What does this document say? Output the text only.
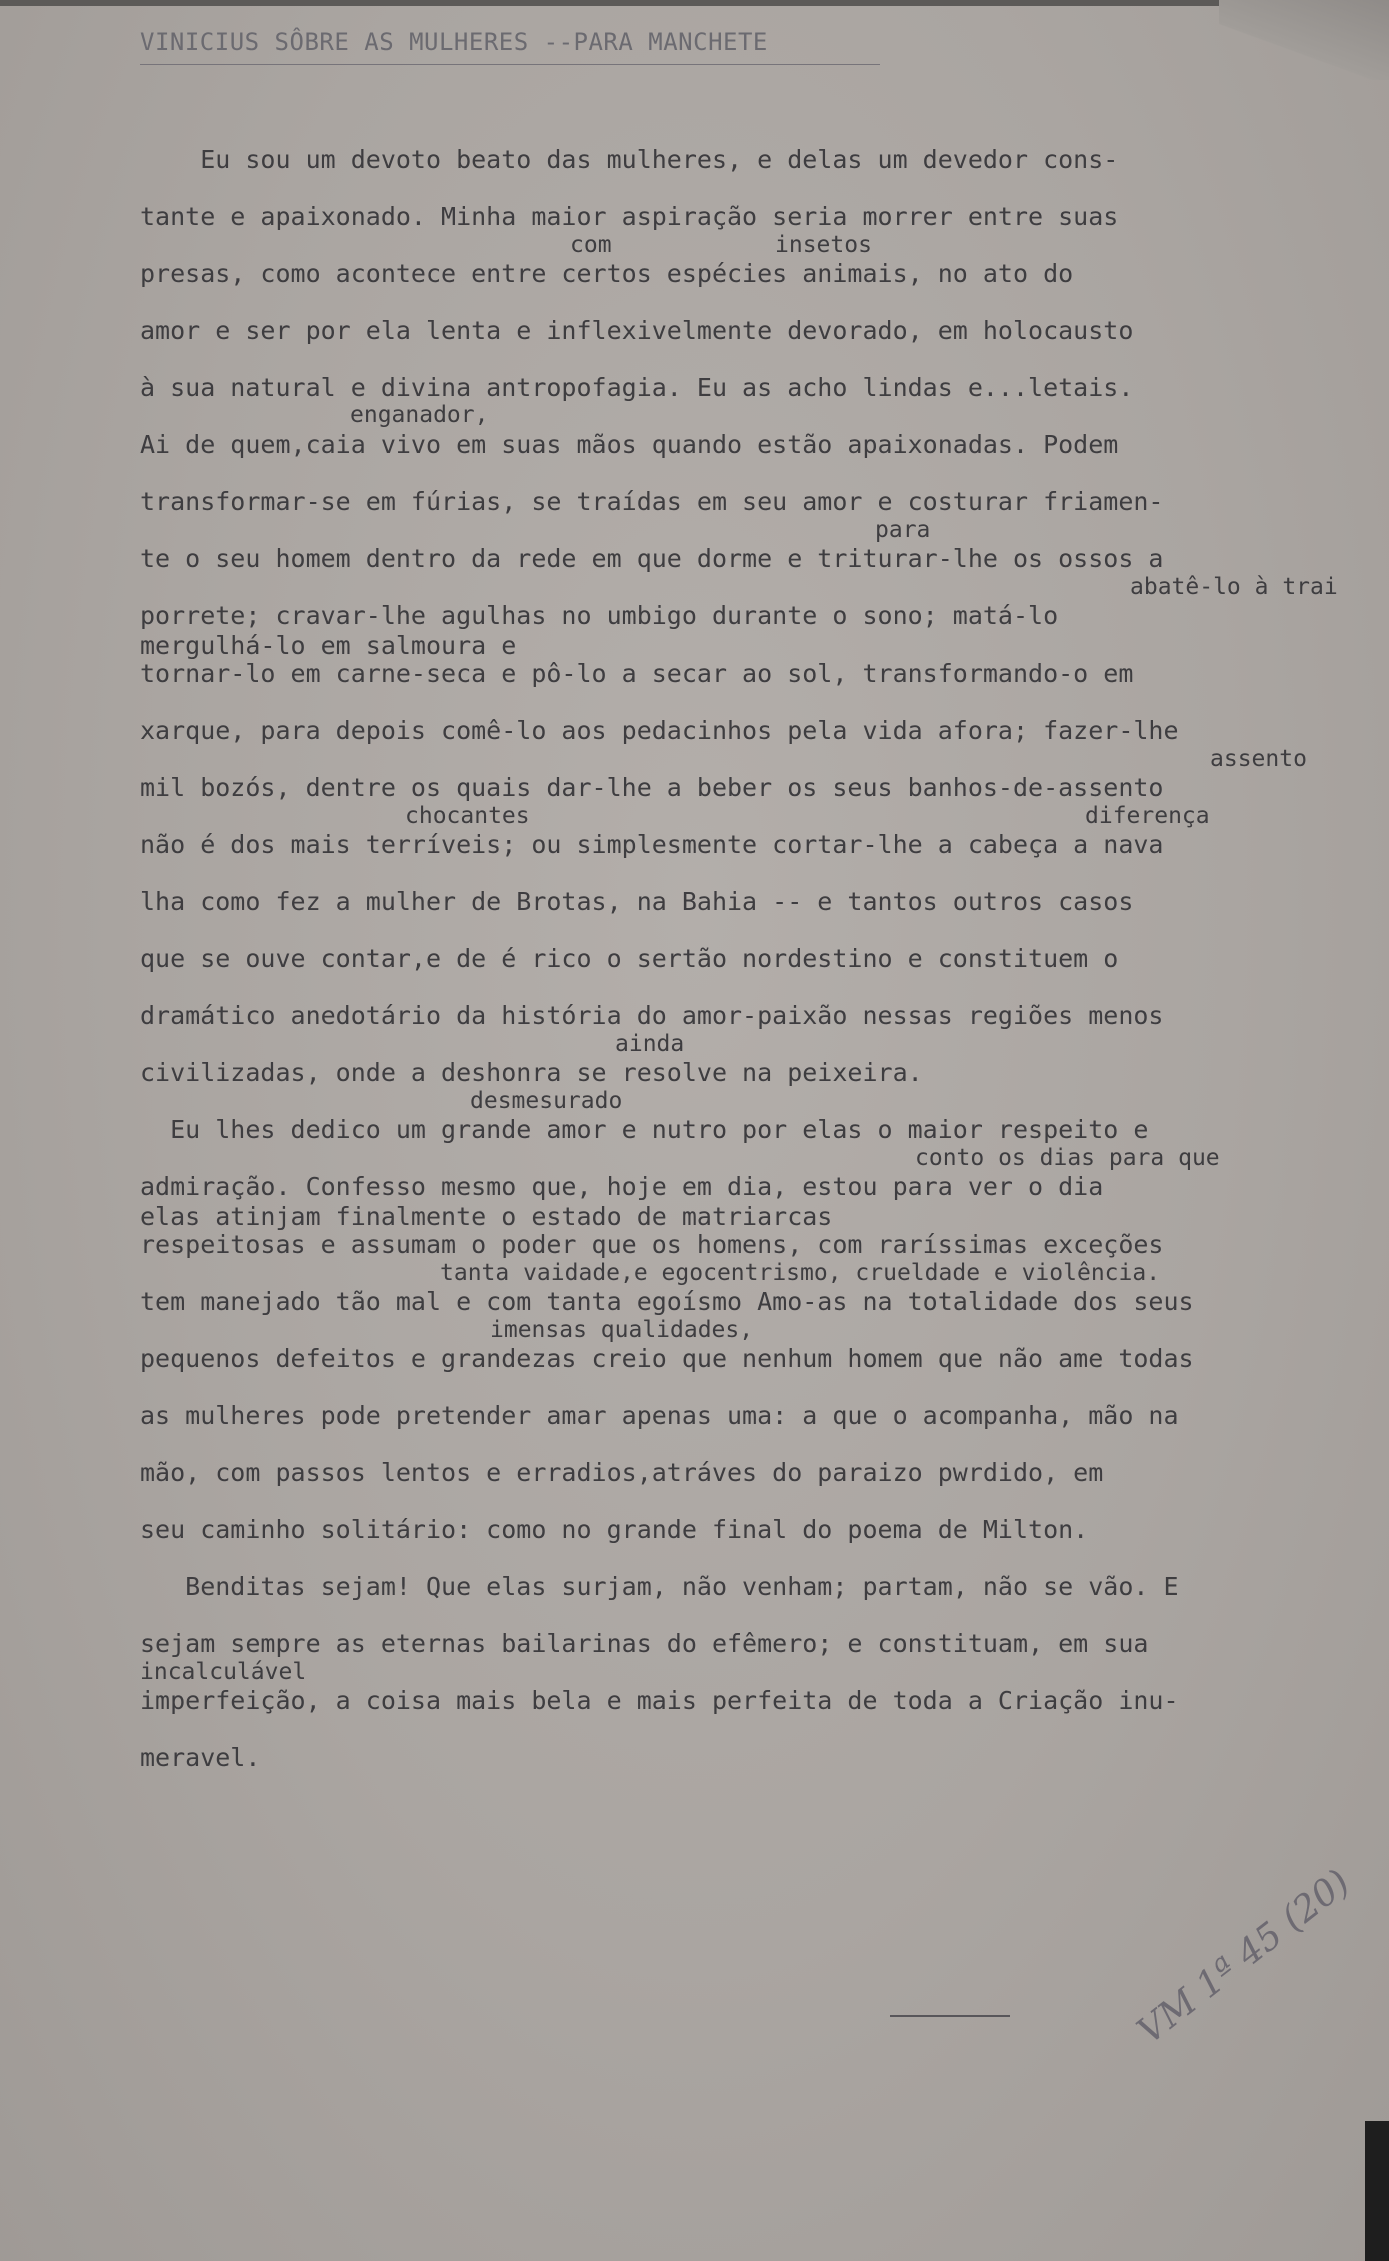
VINICIUS SÔBRE AS MULHERES --PARA MANCHETE
Eu sou um devoto beato das mulheres, e delas um devedor cons-
tante e apaixonado. Minha maior aspiração seria morrer entre suas
presas, como acontece entre certos espécies animais, no ato do
amor e ser por ela lenta e inflexivelmente devorado, em holocausto
à sua natural e divina antropofagia. Eu as acho lindas e...letais.
Ai de quem,caia vivo em suas mãos quando estão apaixonadas. Podem
transformar-se em fúrias, se traídas em seu amor e costurar friamen-
te o seu homem dentro da rede em que dorme e triturar-lhe os ossos a
porrete; cravar-lhe agulhas no umbigo durante o sono; matá-lo
mergulhá-lo em salmoura e
tornar-lo em carne-seca e pô-lo a secar ao sol, transformando-o em
xarque, para depois comê-lo aos pedacinhos pela vida afora; fazer-lhe
mil bozós, dentre os quais dar-lhe a beber os seus banhos-de-assento
não é dos mais terríveis; ou simplesmente cortar-lhe a cabeça a nava
lha como fez a mulher de Brotas, na Bahia -- e tantos outros casos
que se ouve contar,e de é rico o sertão nordestino e constituem o
dramático anedotário da história do amor-paixão nessas regiões menos
civilizadas, onde a deshonra se resolve na peixeira.
Eu lhes dedico um grande amor e nutro por elas o maior respeito e
admiração. Confesso mesmo que, hoje em dia, estou para ver o dia
elas atinjam finalmente o estado de matriarcas
respeitosas e assumam o poder que os homens, com raríssimas exceções
tem manejado tão mal e com tanta egoísmo Amo-as na totalidade dos seus
pequenos defeitos e grandezas creio que nenhum homem que não ame todas
as mulheres pode pretender amar apenas uma: a que o acompanha, mão na
mão, com passos lentos e erradios,atráves do paraizo pwrdido, em
seu caminho solitário: como no grande final do poema de Milton.
Benditas sejam! Que elas surjam, não venham; partam, não se vão. E
sejam sempre as eternas bailarinas do efêmero; e constituam, em sua
imperfeição, a coisa mais bela e mais perfeita de toda a Criação inu-
meravel.
com	insetos
enganador,
para
abatê-lo à trai
assento
chocantes	diferença
ainda
desmesurado
conto os dias para que
tanta vaidade,e egocentrismo, crueldade e violência.
imensas qualidades,
incalculável
VM 1ª 45 (20)
